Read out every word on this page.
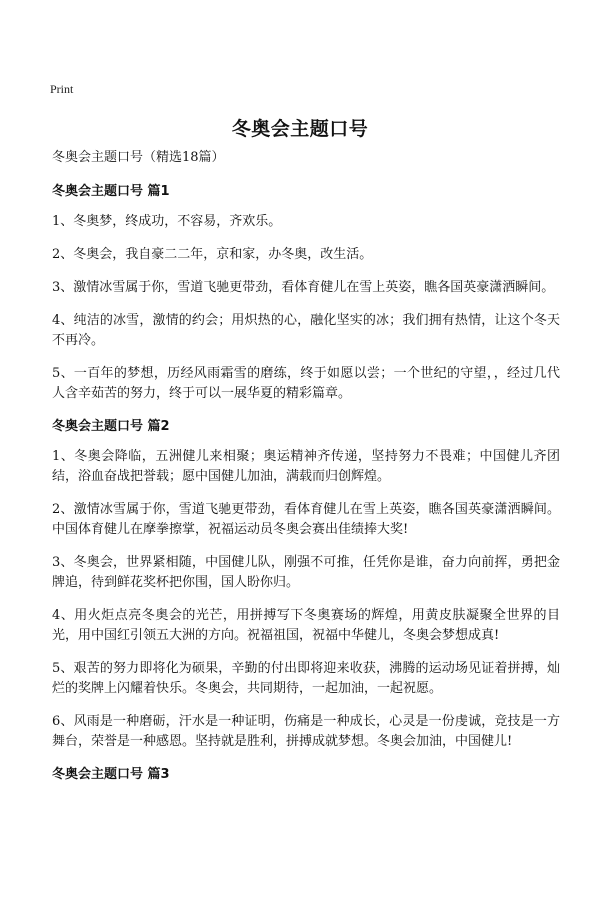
Print
冬奥会主题口号

冬奥会主题口号（精选18篇）

冬奥会主题口号 篇1

1、冬奥梦，终成功，不容易，齐欢乐。

2、冬奥会，我自豪二二年，京和家，办冬奥，改生活。

3、激情冰雪属于你，雪道飞驰更带劲，看体育健儿在雪上英姿，瞧各国英豪潇洒瞬间。

4、纯洁的冰雪，激情的约会；用炽热的心，融化坚实的冰；我们拥有热情，让这个冬天不再冷。

5、一百年的梦想，历经风雨霜雪的磨练，终于如愿以尝；一个世纪的守望，，经过几代人含辛茹苦的努力，终于可以一展华夏的精彩篇章。

冬奥会主题口号 篇2

1、冬奥会降临，五洲健儿来相聚；奥运精神齐传递，坚持努力不畏难；中国健儿齐团结，浴血奋战把誉载；愿中国健儿加油，满载而归创辉煌。

2、激情冰雪属于你，雪道飞驰更带劲，看体育健儿在雪上英姿，瞧各国英豪潇洒瞬间。中国体育健儿在摩拳擦掌，祝福运动员冬奥会赛出佳绩捧大奖!

3、冬奥会，世界紧相随，中国健儿队，刚强不可推，任凭你是谁，奋力向前挥，勇把金牌追，待到鲜花奖杯把你围，国人盼你归。

4、用火炬点亮冬奥会的光芒，用拼搏写下冬奥赛场的辉煌，用黄皮肤凝聚全世界的目光，用中国红引领五大洲的方向。祝福祖国，祝福中华健儿，冬奥会梦想成真!

5、艰苦的努力即将化为硕果，辛勤的付出即将迎来收获，沸腾的运动场见证着拼搏，灿烂的奖牌上闪耀着快乐。冬奥会，共同期待，一起加油，一起祝愿。

6、风雨是一种磨砺，汗水是一种证明，伤痛是一种成长，心灵是一份虔诚，竞技是一方舞台，荣誉是一种感恩。坚持就是胜利，拼搏成就梦想。冬奥会加油，中国健儿!

冬奥会主题口号 篇3
